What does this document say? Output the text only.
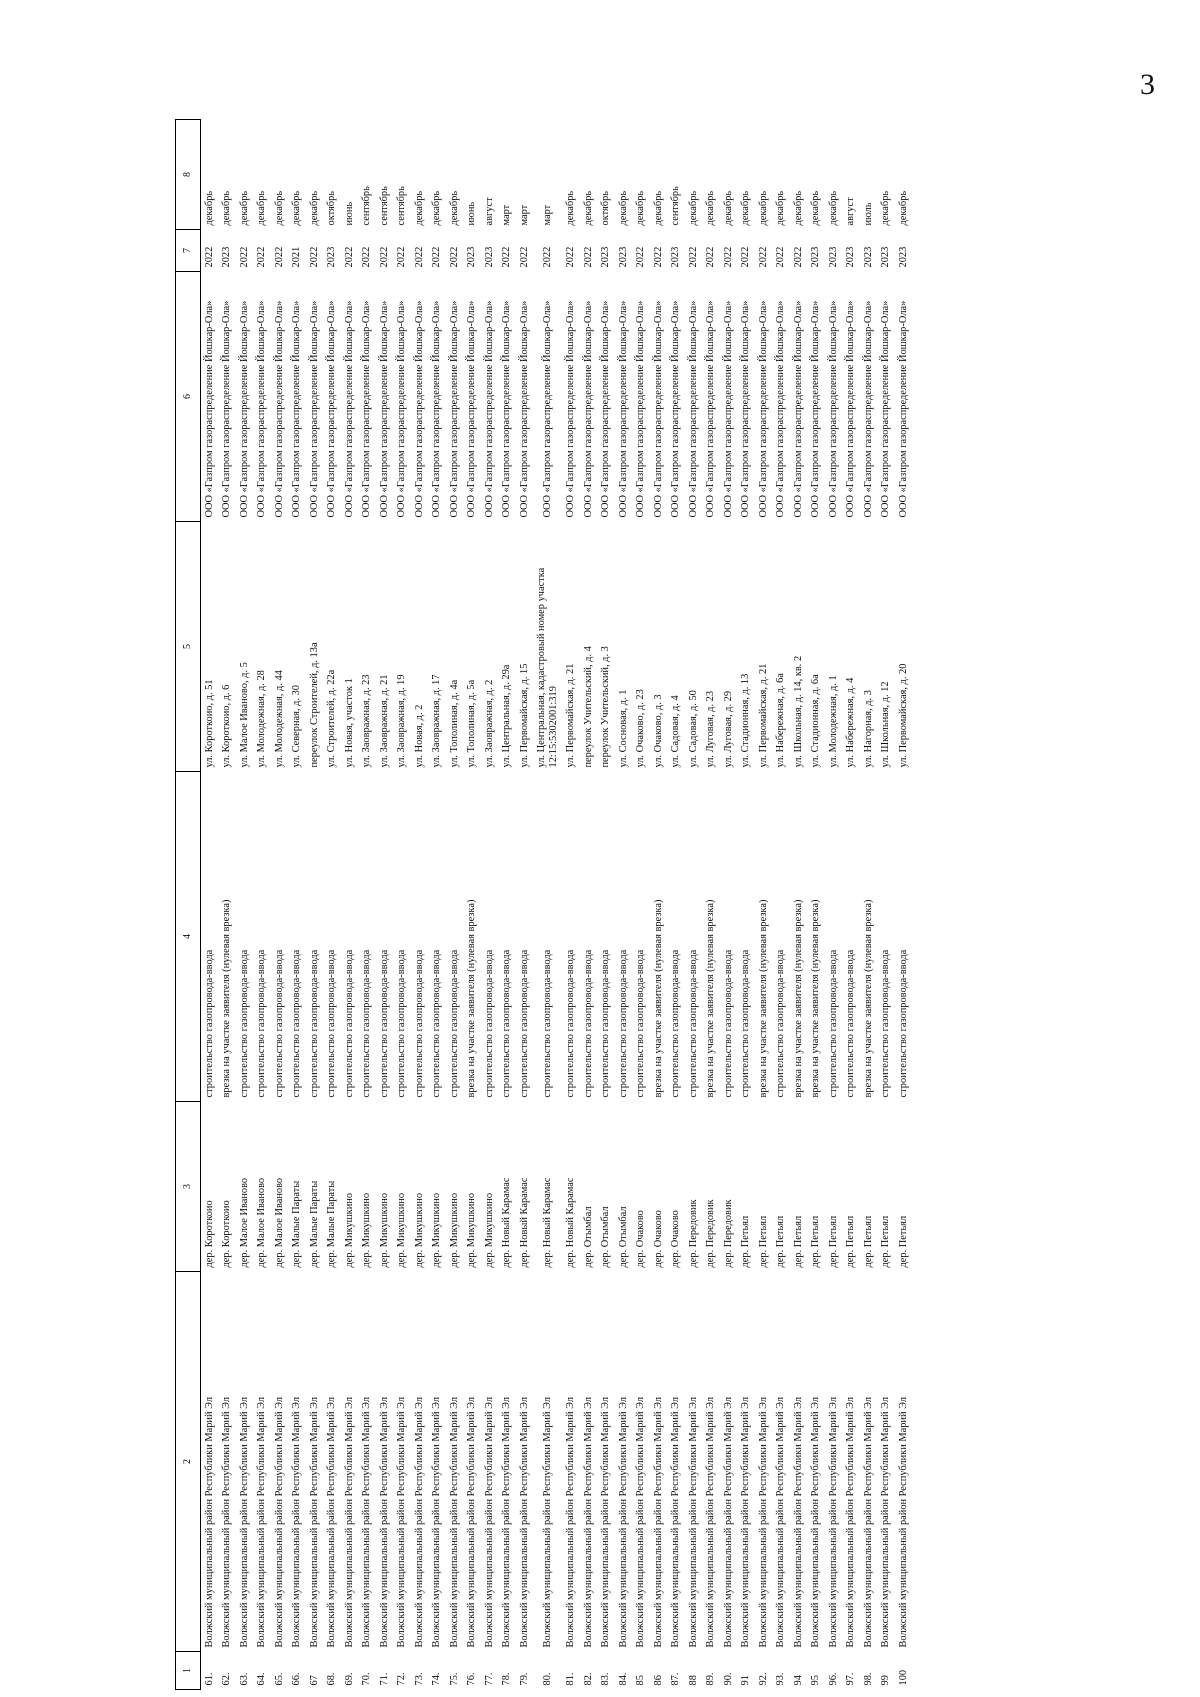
3
1	2	3	4	5	6	7	8
61.	Волжский муниципальный район Республики Марий Эл	дер. Короткоио	строительство газопровода-ввода	ул. Короткоио, д. 51	ООО «Газпром газораспределение Йошкар-Ола»	2022	декабрь
62.	Волжский муниципальный район Республики Марий Эл	дер. Короткоио	врезка на участке заявителя (нулевая врезка)	ул. Короткоио, д. 6	ООО «Газпром газораспределение Йошкар-Ола»	2023	декабрь
63.	Волжский муниципальный район Республики Марий Эл	дер. Малое Иваново	строительство газопровода-ввода	ул. Малое Иваново, д. 5	ООО «Газпром газораспределение Йошкар-Ола»	2022	декабрь
64.	Волжский муниципальный район Республики Марий Эл	дер. Малое Иваново	строительство газопровода-ввода	ул. Молодежная, д. 28	ООО «Газпром газораспределение Йошкар-Ола»	2022	декабрь
65.	Волжский муниципальный район Республики Марий Эл	дер. Малое Иваново	строительство газопровода-ввода	ул. Молодежная, д. 44	ООО «Газпром газораспределение Йошкар-Ола»	2022	декабрь
66.	Волжский муниципальный район Республики Марий Эл	дер. Малые Параты	строительство газопровода-ввода	ул. Северная, д. 30	ООО «Газпром газораспределение Йошкар-Ола»	2021	декабрь
67	Волжский муниципальный район Республики Марий Эл	дер. Малые Параты	строительство газопровода-ввода	переулок Строителей, д. 13а	ООО «Газпром газораспределение Йошкар-Ола»	2022	декабрь
68.	Волжский муниципальный район Республики Марий Эл	дер. Малые Параты	строительство газопровода-ввода	ул. Строителей, д. 22а	ООО «Газпром газораспределение Йошкар-Ола»	2023	октябрь
69.	Волжский муниципальный район Республики Марий Эл	дер. Микушкино	строительство газопровода-ввода	ул. Новая, участок 1	ООО «Газпром газораспределение Йошкар-Ола»	2022	июнь
70.	Волжский муниципальный район Республики Марий Эл	дер. Микушкино	строительство газопровода-ввода	ул. Заовражная, д. 23	ООО «Газпром газораспределение Йошкар-Ола»	2022	сентябрь
71.	Волжский муниципальный район Республики Марий Эл	дер. Микушкино	строительство газопровода-ввода	ул. Заовражная, д. 21	ООО «Газпром газораспределение Йошкар-Ола»	2022	сентябрь
72.	Волжский муниципальный район Республики Марий Эл	дер. Микушкино	строительство газопровода-ввода	ул. Заовражная, д. 19	ООО «Газпром газораспределение Йошкар-Ола»	2022	сентябрь
73.	Волжский муниципальный район Республики Марий Эл	дер. Микушкино	строительство газопровода-ввода	ул. Новая, д. 2	ООО «Газпром газораспределение Йошкар-Ола»	2022	декабрь
74.	Волжский муниципальный район Республики Марий Эл	дер. Микушкино	строительство газопровода-ввода	ул. Заовражная, д. 17	ООО «Газпром газораспределение Йошкар-Ола»	2022	декабрь
75.	Волжский муниципальный район Республики Марий Эл	дер. Микушкино	строительство газопровода-ввода	ул. Тополиная, д. 4а	ООО «Газпром газораспределение Йошкар-Ола»	2022	декабрь
76.	Волжский муниципальный район Республики Марий Эл	дер. Микушкино	врезка на участке заявителя (нулевая врезка)	ул. Тополиная, д. 5а	ООО «Газпром газораспределение Йошкар-Ола»	2023	июнь
77.	Волжский муниципальный район Республики Марий Эл	дер. Микушкино	строительство газопровода-ввода	ул. Заовражная, д. 2	ООО «Газпром газораспределение Йошкар-Ола»	2023	август
78.	Волжский муниципальный район Республики Марий Эл	дер. Новый Карамас	строительство газопровода-ввода	ул. Центральная, д. 29а	ООО «Газпром газораспределение Йошкар-Ола»	2022	март
79.	Волжский муниципальный район Республики Марий Эл	дер. Новый Карамас	строительство газопровода-ввода	ул. Первомайская, д. 15	ООО «Газпром газораспределение Йошкар-Ола»	2022	март
80.	Волжский муниципальный район Республики Марий Эл	дер. Новый Карамас	строительство газопровода-ввода	ул. Центральная, кадастровый номер участка 12:15:5302001:319	ООО «Газпром газораспределение Йошкар-Ола»	2022	март
81.	Волжский муниципальный район Республики Марий Эл	дер. Новый Карамас	строительство газопровода-ввода	ул. Первомайская, д. 21	ООО «Газпром газораспределение Йошкар-Ола»	2022	декабрь
82.	Волжский муниципальный район Республики Марий Эл	дер. Отымбал	строительство газопровода-ввода	переулок Учительский, д. 4	ООО «Газпром газораспределение Йошкар-Ола»	2022	декабрь
83.	Волжский муниципальный район Республики Марий Эл	дер. Отымбал	строительство газопровода-ввода	переулок Учительский, д. 3	ООО «Газпром газораспределение Йошкар-Ола»	2023	октябрь
84.	Волжский муниципальный район Республики Марий Эл	дер. Отымбал	строительство газопровода-ввода	ул. Сосновая, д. 1	ООО «Газпром газораспределение Йошкар-Ола»	2023	декабрь
85	Волжский муниципальный район Республики Марий Эл	дер. Очаково	строительство газопровода-ввода	ул. Очаково, д. 23	ООО «Газпром газораспределение Йошкар-Ола»	2022	декабрь
86	Волжский муниципальный район Республики Марий Эл	дер. Очаково	врезка на участке заявителя (нулевая врезка)	ул. Очаково, д. 3	ООО «Газпром газораспределение Йошкар-Ола»	2022	декабрь
87.	Волжский муниципальный район Республики Марий Эл	дер. Очаково	строительство газопровода-ввода	ул. Садовая, д. 4	ООО «Газпром газораспределение Йошкар-Ола»	2023	сентябрь
88	Волжский муниципальный район Республики Марий Эл	дер. Передовик	строительство газопровода-ввода	ул. Садовая, д. 50	ООО «Газпром газораспределение Йошкар-Ола»	2022	декабрь
89.	Волжский муниципальный район Республики Марий Эл	дер. Передовик	врезка на участке заявителя (нулевая врезка)	ул. Луговая, д. 23	ООО «Газпром газораспределение Йошкар-Ола»	2022	декабрь
90.	Волжский муниципальный район Республики Марий Эл	дер. Передовик	строительство газопровода-ввода	ул. Луговая, д. 29	ООО «Газпром газораспределение Йошкар-Ола»	2022	декабрь
91	Волжский муниципальный район Республики Марий Эл	дер. Петьял	строительство газопровода-ввода	ул. Стадионная, д. 13	ООО «Газпром газораспределение Йошкар-Ола»	2022	декабрь
92.	Волжский муниципальный район Республики Марий Эл	дер. Петьял	врезка на участке заявителя (нулевая врезка)	ул. Первомайская, д. 21	ООО «Газпром газораспределение Йошкар-Ола»	2022	декабрь
93.	Волжский муниципальный район Республики Марий Эл	дер. Петьял	строительство газопровода-ввода	ул. Набережная, д. 6а	ООО «Газпром газораспределение Йошкар-Ола»	2022	декабрь
94	Волжский муниципальный район Республики Марий Эл	дер. Петьял	врезка на участке заявителя (нулевая врезка)	ул. Школьная, д. 14, кв. 2	ООО «Газпром газораспределение Йошкар-Ола»	2022	декабрь
95	Волжский муниципальный район Республики Марий Эл	дер. Петьял	врезка на участке заявителя (нулевая врезка)	ул. Стадионная, д. 6а	ООО «Газпром газораспределение Йошкар-Ола»	2023	декабрь
96.	Волжский муниципальный район Республики Марий Эл	дер. Петьял	строительство газопровода-ввода	ул. Молодежная, д. 1	ООО «Газпром газораспределение Йошкар-Ола»	2023	декабрь
97.	Волжский муниципальный район Республики Марий Эл	дер. Петьял	строительство газопровода-ввода	ул. Набережная, д. 4	ООО «Газпром газораспределение Йошкар-Ола»	2023	август
98.	Волжский муниципальный район Республики Марий Эл	дер. Петьял	врезка на участке заявителя (нулевая врезка)	ул. Нагорная, д. 3	ООО «Газпром газораспределение Йошкар-Ола»	2023	июль
99	Волжский муниципальный район Республики Марий Эл	дер. Петьял	строительство газопровода-ввода	ул. Школьная, д. 12	ООО «Газпром газораспределение Йошкар-Ола»	2023	декабрь
100	Волжский муниципальный район Республики Марий Эл	дер. Петьял	строительство газопровода-ввода	ул. Первомайская, д. 20	ООО «Газпром газораспределение Йошкар-Ола»	2023	декабрь
